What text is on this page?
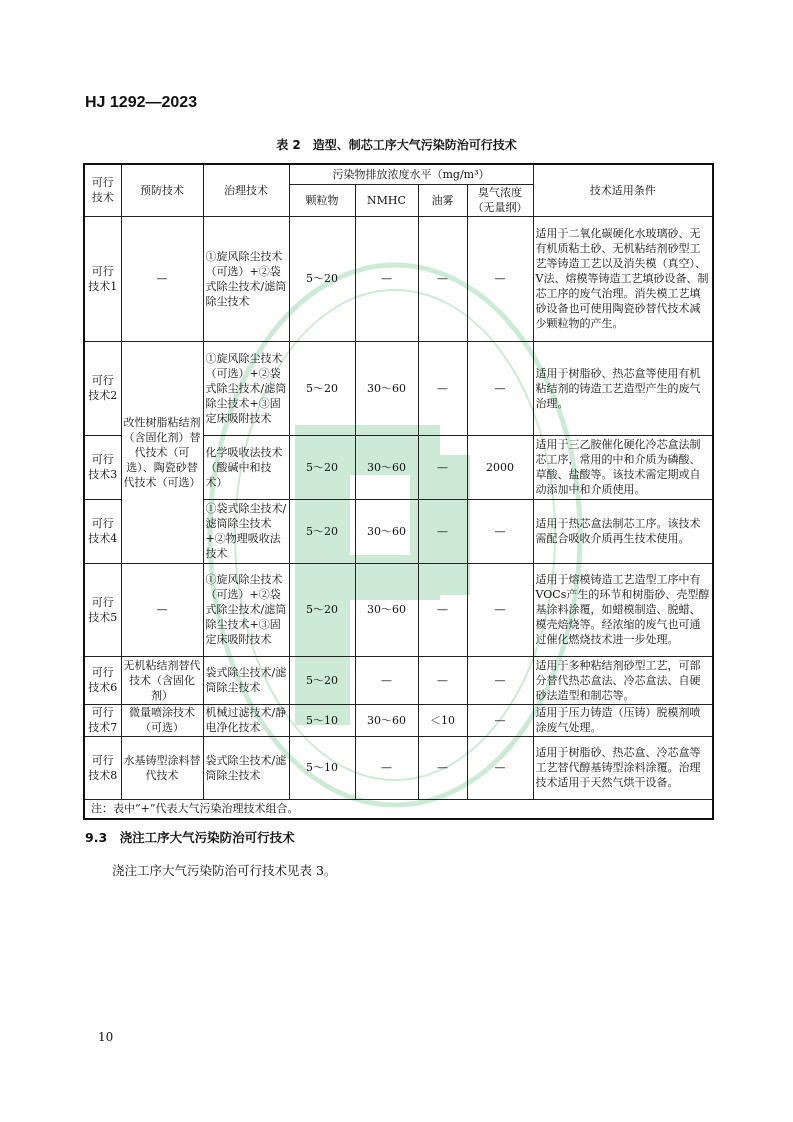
HJ 1292—2023
表 2　造型、制芯工序大气污染防治可行技术
可行技术	预防技术	治理技术	污染物排放浓度水平（mg/m³）				技术适用条件
			颗粒物	NMHC	油雾	臭气浓度（无量纲）	
可行技术1	—	①旋风除尘技术（可选）+②袋式除尘技术/滤筒除尘技术	5～20	—	—	—	适用于二氧化碳硬化水玻璃砂、无有机质粘土砂、无机粘结剂砂型工艺等铸造工艺以及消失模（真空）、V法、熔模等铸造工艺填砂设备、制芯工序的废气治理。消失模工艺填砂设备也可使用陶瓷砂替代技术减少颗粒物的产生。
可行技术2	改性树脂粘结剂（含固化剂）替代技术（可选）、陶瓷砂替代技术（可选）	①旋风除尘技术（可选）+②袋式除尘技术/滤筒除尘技术+③固定床吸附技术	5～20	30～60	—	—	适用于树脂砂、热芯盒等使用有机粘结剂的铸造工艺造型产生的废气治理。
可行技术3		化学吸收法技术（酸碱中和技术）	5～20	30～60	—	2000	适用于三乙胺催化硬化冷芯盒法制芯工序，常用的中和介质为磷酸、草酸、盐酸等。该技术需定期或自动添加中和介质使用。
可行技术4		①袋式除尘技术/滤筒除尘技术+②物理吸收法技术	5～20	30～60	—	—	适用于热芯盒法制芯工序。该技术需配合吸收介质再生技术使用。
可行技术5	—	①旋风除尘技术（可选）+②袋式除尘技术/滤筒除尘技术+③固定床吸附技术	5～20	30～60	—	—	适用于熔模铸造工艺造型工序中有VOCs产生的环节和树脂砂、壳型醇基涂料涂覆，如蜡模制造、脱蜡、模壳焙烧等。经浓缩的废气也可通过催化燃烧技术进一步处理。
可行技术6	无机粘结剂替代技术（含固化剂）	袋式除尘技术/滤筒除尘技术	5～20	—	—	—	适用于多种粘结剂砂型工艺，可部分替代热芯盒法、冷芯盒法、自硬砂法造型和制芯等。
可行技术7	微量喷涂技术（可选）	机械过滤技术/静电净化技术	5～10	30～60	＜10	—	适用于压力铸造（压铸）脱模剂喷涂废气处理。
可行技术8	水基铸型涂料替代技术	袋式除尘技术/滤筒除尘技术	5～10	—	—	—	适用于树脂砂、热芯盒、冷芯盒等工艺替代醇基铸型涂料涂覆。治理技术适用于天然气烘干设备。
注：表中“+”代表大气污染治理技术组合。							
9.3　浇注工序大气污染防治可行技术
浇注工序大气污染防治可行技术见表 3。
10
